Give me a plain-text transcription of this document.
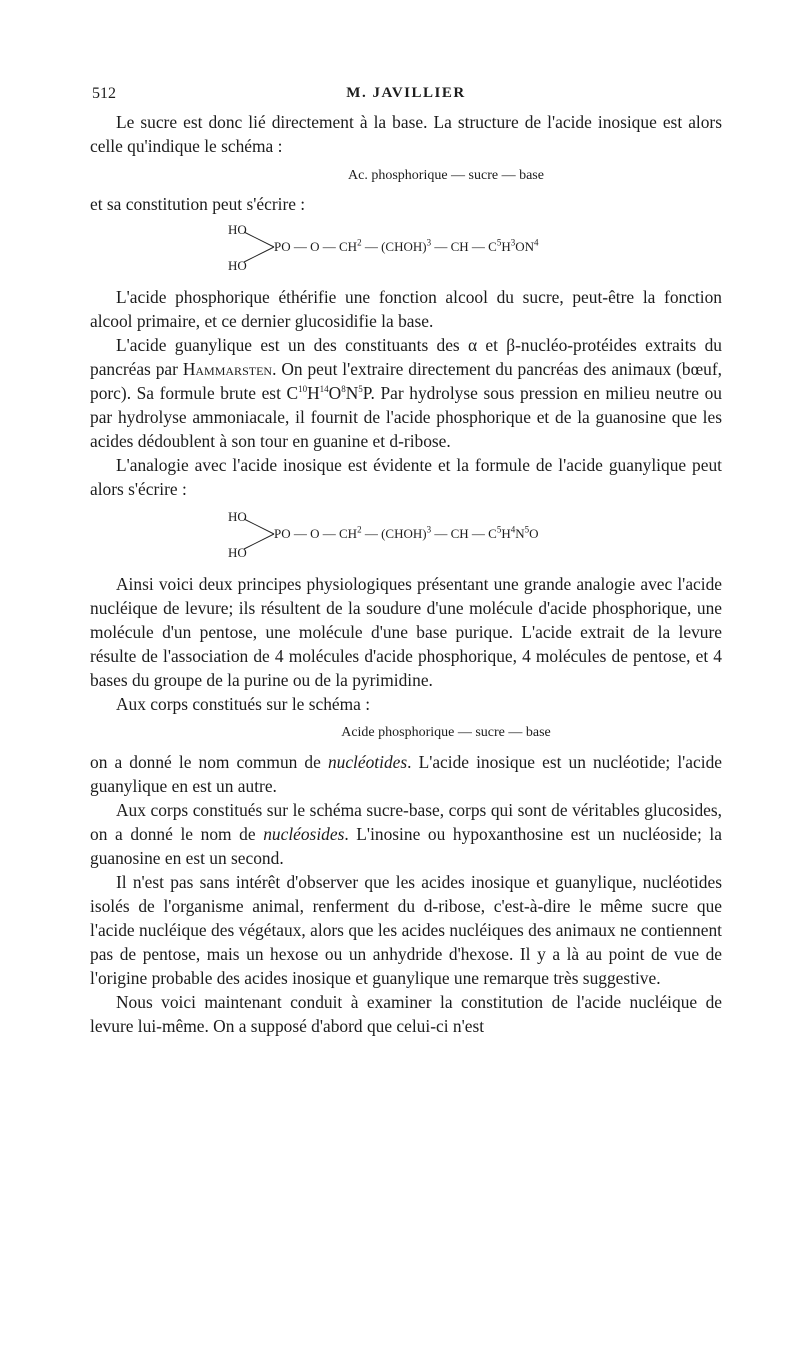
512	M. JAVILLIER

Le sucre est donc lié directement à la base. La structure de l'acide inosique est alors celle qu'indique le schéma :

Ac. phosphorique — sucre — base

et sa constitution peut s'écrire :

HO
HO
PO — O — $CH^2$ — (CHOH)$^3$ — CH — $C^5H^3ON^4$

L'acide phosphorique éthérifie une fonction alcool du sucre, peut-être la fonction alcool primaire, et ce dernier glucosidifie la base.

L'acide guanylique est un des constituants des α et β-nucléo-protéides extraits du pancréas par Hammarsten. On peut l'extraire directement du pancréas des animaux (bœuf, porc). Sa formule brute est $C^{10}H^{14}O^8N^5P$. Par hydrolyse sous pression en milieu neutre ou par hydrolyse ammoniacale, il fournit de l'acide phosphorique et de la guanosine que les acides dédoublent à son tour en guanine et d-ribose.

L'analogie avec l'acide inosique est évidente et la formule de l'acide guanylique peut alors s'écrire :

HO
HO
PO — O — $CH^2$ — (CHOH)$^3$ — CH — $C^5H^4N^5O$

Ainsi voici deux principes physiologiques présentant une grande analogie avec l'acide nucléique de levure; ils résultent de la soudure d'une molécule d'acide phosphorique, une molécule d'un pentose, une molécule d'une base purique. L'acide extrait de la levure résulte de l'association de 4 molécules d'acide phosphorique, 4 molécules de pentose, et 4 bases du groupe de la purine ou de la pyrimidine.

Aux corps constitués sur le schéma :

Acide phosphorique — sucre — base

on a donné le nom commun de nucléotides. L'acide inosique est un nucléotide; l'acide guanylique en est un autre.

Aux corps constitués sur le schéma sucre-base, corps qui sont de véritables glucosides, on a donné le nom de nucléosides. L'inosine ou hypoxanthosine est un nucléoside; la guanosine en est un second.

Il n'est pas sans intérêt d'observer que les acides inosique et guanylique, nucléotides isolés de l'organisme animal, renferment du d-ribose, c'est-à-dire le même sucre que l'acide nucléique des végétaux, alors que les acides nucléiques des animaux ne contiennent pas de pentose, mais un hexose ou un anhydride d'hexose. Il y a là au point de vue de l'origine probable des acides inosique et guanylique une remarque très suggestive.

Nous voici maintenant conduit à examiner la constitution de l'acide nucléique de levure lui-même. On a supposé d'abord que celui-ci n'est
